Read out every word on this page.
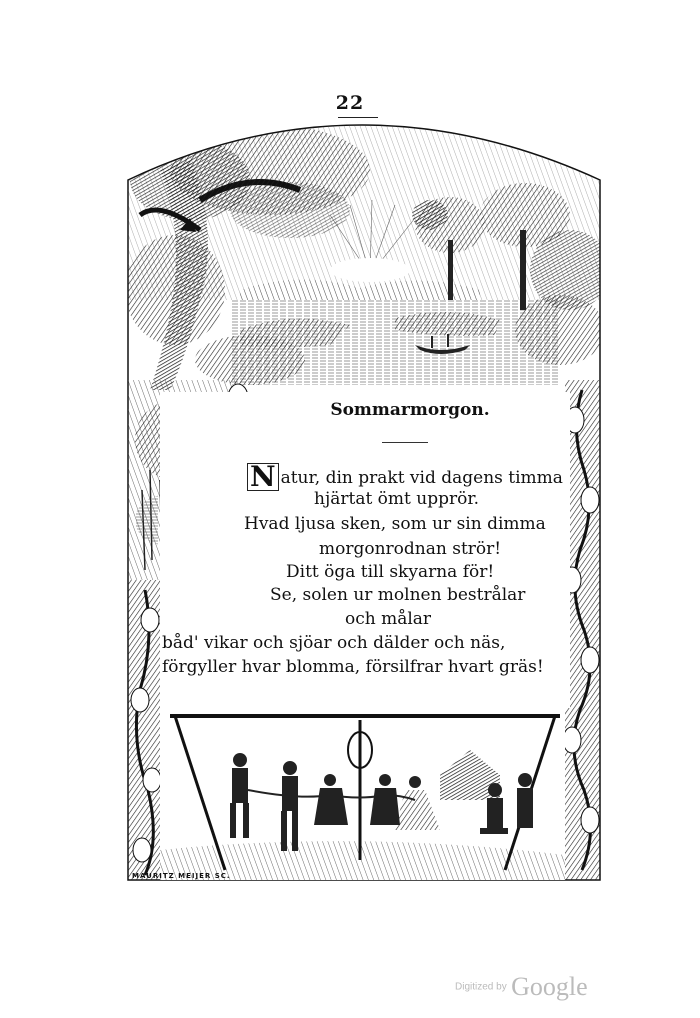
22
Sommarmorgon.
N atur, din prakt vid dagens timma
hjärtat ömt upprör.
Hvad ljusa sken, som ur sin dimma
morgonrodnan strör!
Ditt öga till skyarna för!
Se, solen ur molnen bestrålar
och målar
båd' vikar och sjöar och dälder och näs,
förgyller hvar blomma, försilfrar hvart gräs!
MAURITZ MEIJER SC.
Digitized by Google
